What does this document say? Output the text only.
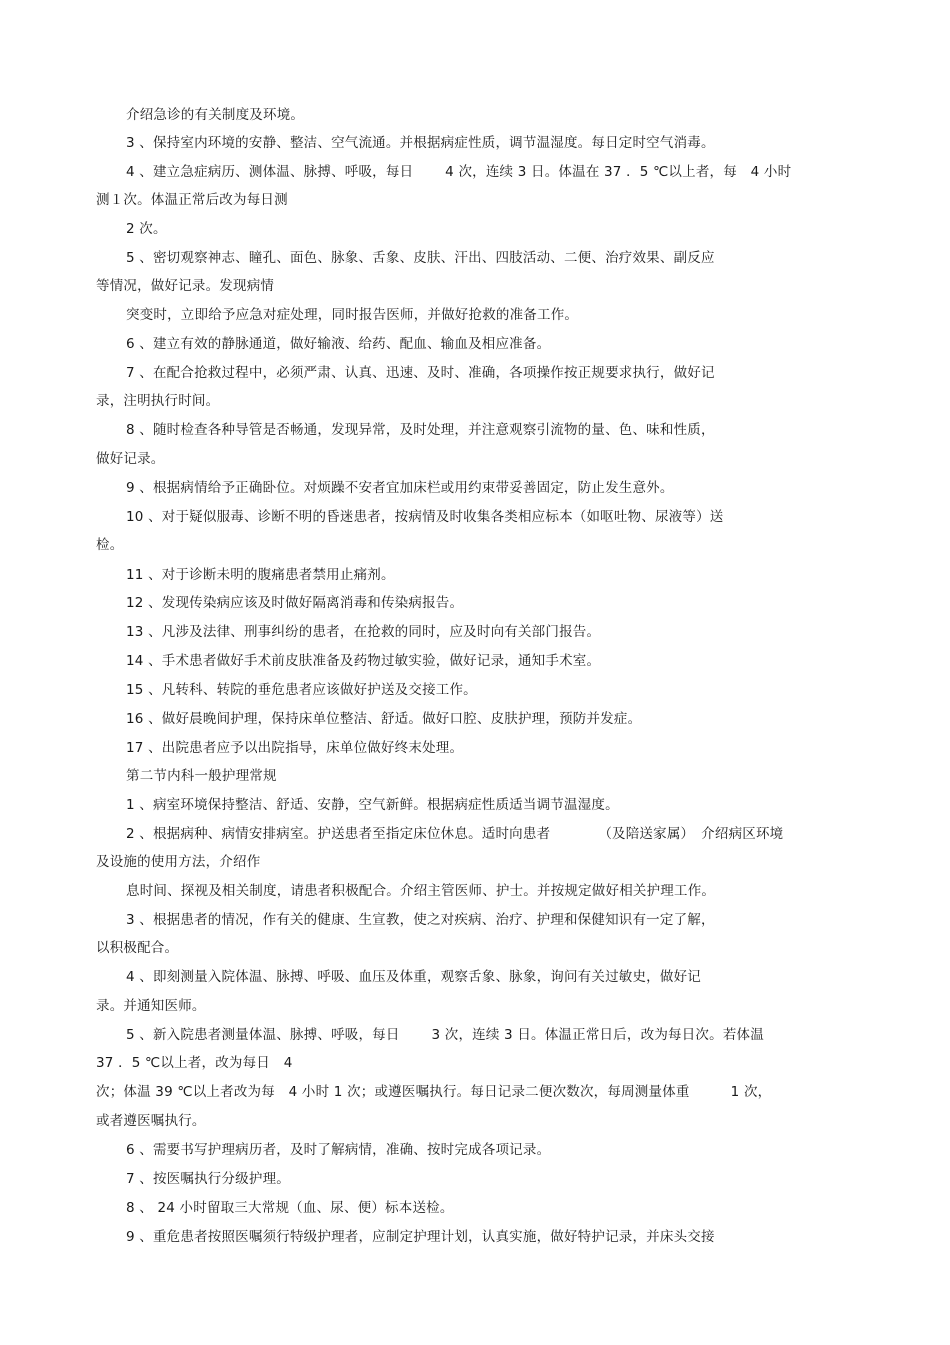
介绍急诊的有关制度及环境。
3 、保持室内环境的安静、整洁、空气流通。并根据病症性质，调节温湿度。每日定时空气消毒。
4 、建立急症病历、测体温、脉搏、呼吸，每日　　 4 次，连续 3 日。体温在 37 ．5 ℃以上者，每　4 小时
测１次。体温正常后改为每日测
2 次。
5 、密切观察神志、瞳孔、面色、脉象、舌象、皮肤、汗出、四肢活动、二便、治疗效果、副反应
等情况，做好记录。发现病情
突变时，立即给予应急对症处理，同时报告医师，并做好抢救的准备工作。
6 、建立有效的静脉通道，做好输液、给药、配血、输血及相应准备。
7 、在配合抢救过程中，必须严肃、认真、迅速、及时、准确，各项操作按正规要求执行，做好记
录，注明执行时间。
8 、随时检查各种导管是否畅通，发现异常，及时处理，并注意观察引流物的量、色、味和性质，
做好记录。
9 、根据病情给予正确卧位。对烦躁不安者宜加床栏或用约束带妥善固定，防止发生意外。
10 、对于疑似服毒、诊断不明的昏迷患者，按病情及时收集各类相应标本（如呕吐物、尿液等）送
检。
11 、对于诊断未明的腹痛患者禁用止痛剂。
12 、发现传染病应该及时做好隔离消毒和传染病报告。
13 、凡涉及法律、刑事纠纷的患者，在抢救的同时，应及时向有关部门报告。
14 、手术患者做好手术前皮肤准备及药物过敏实验，做好记录，通知手术室。
15 、凡转科、转院的垂危患者应该做好护送及交接工作。
16 、做好晨晚间护理，保持床单位整洁、舒适。做好口腔、皮肤护理，预防并发症。
17 、出院患者应予以出院指导，床单位做好终末处理。
第二节内科一般护理常规
1 、病室环境保持整洁、舒适、安静，空气新鲜。根据病症性质适当调节温湿度。
2 、根据病种、病情安排病室。护送患者至指定床位休息。适时向患者　　　　（及陪送家属）　介绍病区环境
及设施的使用方法，介绍作
息时间、探视及相关制度，请患者积极配合。介绍主管医师、护士。并按规定做好相关护理工作。
3 、根据患者的情况，作有关的健康、生宣教，使之对疾病、治疗、护理和保健知识有一定了解，
以积极配合。
4 、即刻测量入院体温、脉搏、呼吸、血压及体重，观察舌象、脉象，询问有关过敏史，做好记
录。并通知医师。
5 、新入院患者测量体温、脉搏、呼吸，每日　　 3 次，连续 3 日。体温正常日后，改为每日次。若体温
37 ．5 ℃以上者，改为每日　4
次；体温 39 ℃以上者改为每　4 小时 1 次；或遵医嘱执行。每日记录二便次数次，每周测量体重　　　1 次，
或者遵医嘱执行。
6 、需要书写护理病历者，及时了解病情，准确、按时完成各项记录。
7 、按医嘱执行分级护理。
8 、 24 小时留取三大常规（血、尿、便）标本送检。
9 、重危患者按照医嘱须行特级护理者，应制定护理计划，认真实施，做好特护记录，并床头交接
